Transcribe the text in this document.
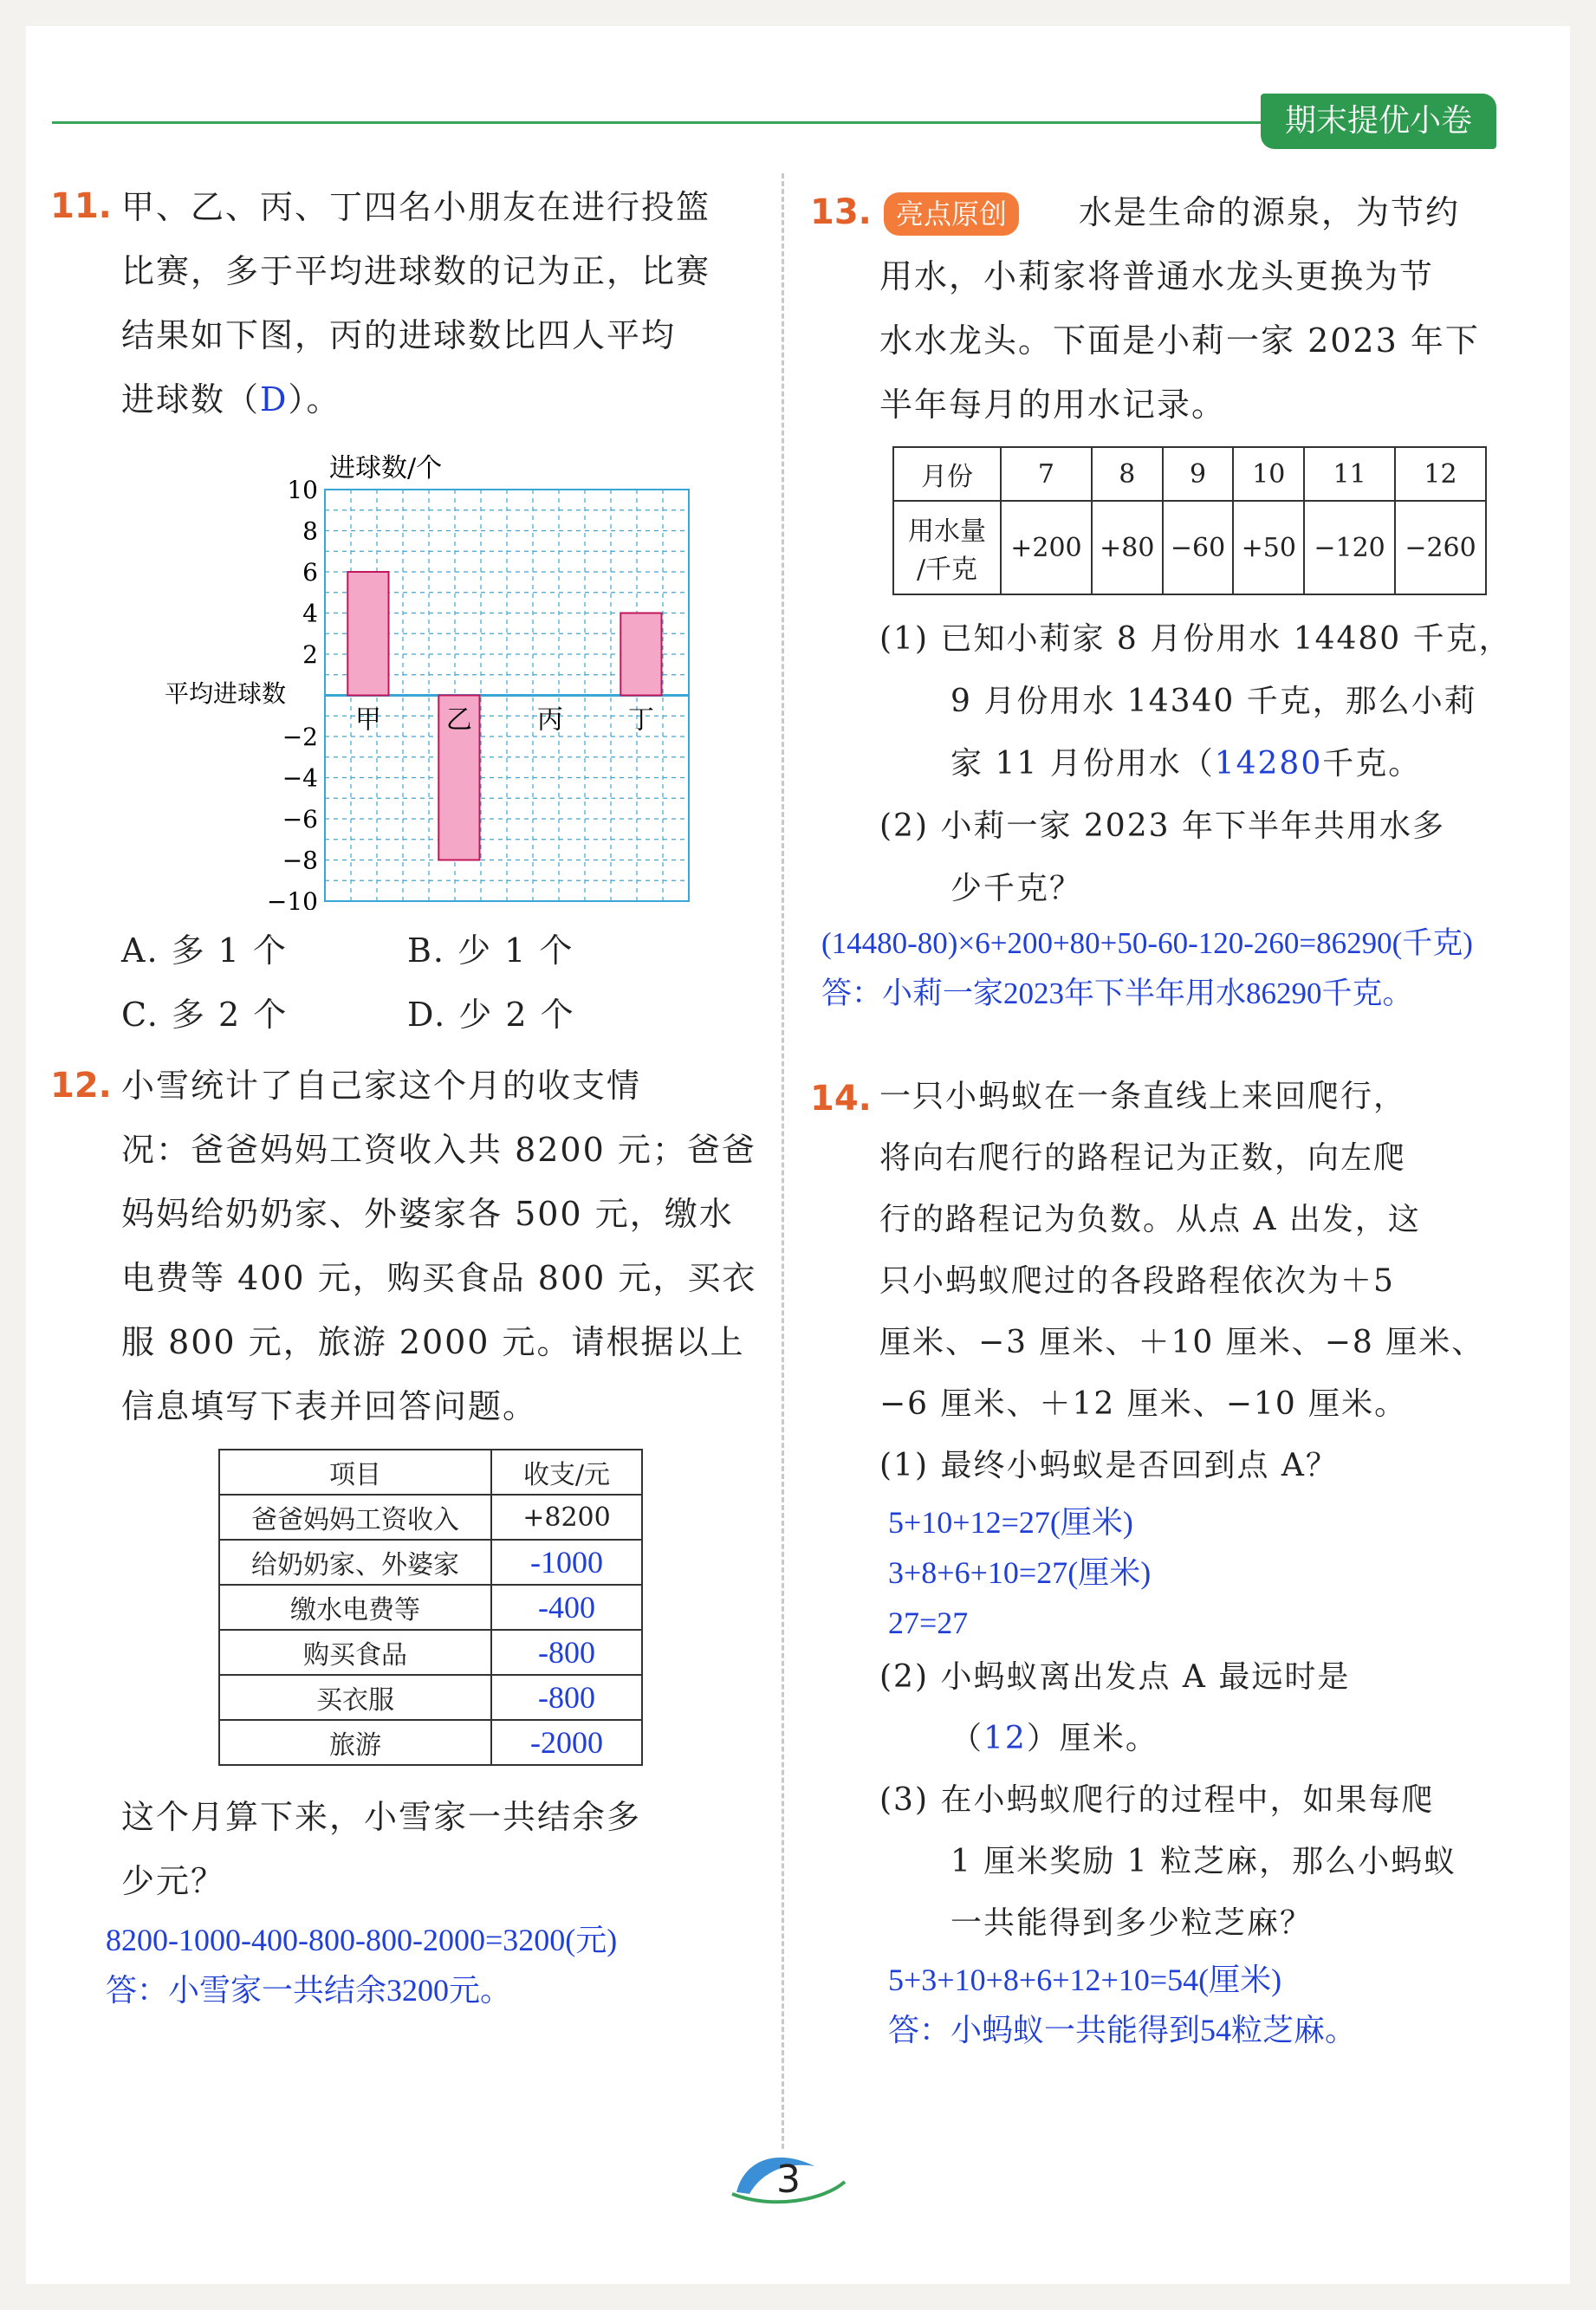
期末提优小卷
11. 甲、乙、丙、丁四名小朋友在进行投篮
比赛，多于平均进球数的记为正，比赛
结果如下图，丙的进球数比四人平均
进球数（D）。
10
8
6
4
2
−2
−4
−6
−8
−10
进球数/个
平均进球数
甲	乙	丙	丁
A. 多 1 个	B. 少 1 个
C. 多 2 个	D. 少 2 个
12. 小雪统计了自己家这个月的收支情
况：爸爸妈妈工资收入共 8200 元；爸爸
妈妈给奶奶家、外婆家各 500 元，缴水
电费等 400 元，购买食品 800 元，买衣
服 800 元，旅游 2000 元。请根据以上
信息填写下表并回答问题。
项目	收支/元
爸爸妈妈工资收入	+8200
给奶奶家、外婆家	-1000
缴水电费等	-400
购买食品	-800
买衣服	-800
旅游	-2000
这个月算下来，小雪家一共结余多
少元？
8200-1000-400-800-800-2000=3200(元)
答：小雪家一共结余3200元。
13. 亮点原创	水是生命的源泉，为节约
用水，小莉家将普通水龙头更换为节
水水龙头。下面是小莉一家 2023 年下
半年每月的用水记录。
月份	7	8	9	10	11	12

用水量
/千克	+200	+80	−60	+50	−120	−260
(1) 已知小莉家 8 月份用水 14480 千克，
9 月份用水 14340 千克，那么小莉
家 11 月份用水（14280千克。
(2) 小莉一家 2023 年下半年共用水多
少千克？
(14480-80)×6+200+80+50-60-120-260=86290(千克)
答：小莉一家2023年下半年用水86290千克。
14. 一只小蚂蚁在一条直线上来回爬行，
将向右爬行的路程记为正数，向左爬
行的路程记为负数。从点 A 出发，这
只小蚂蚁爬过的各段路程依次为＋5
厘米、−3 厘米、＋10 厘米、−8 厘米、
−6 厘米、＋12 厘米、−10 厘米。
(1) 最终小蚂蚁是否回到点 A？
5+10+12=27(厘米)
3+8+6+10=27(厘米)
27=27
(2) 小蚂蚁离出发点 A 最远时是
（12）厘米。
(3) 在小蚂蚁爬行的过程中，如果每爬
1 厘米奖励 1 粒芝麻，那么小蚂蚁
一共能得到多少粒芝麻？
5+3+10+8+6+12+10=54(厘米)
答：小蚂蚁一共能得到54粒芝麻。
3
